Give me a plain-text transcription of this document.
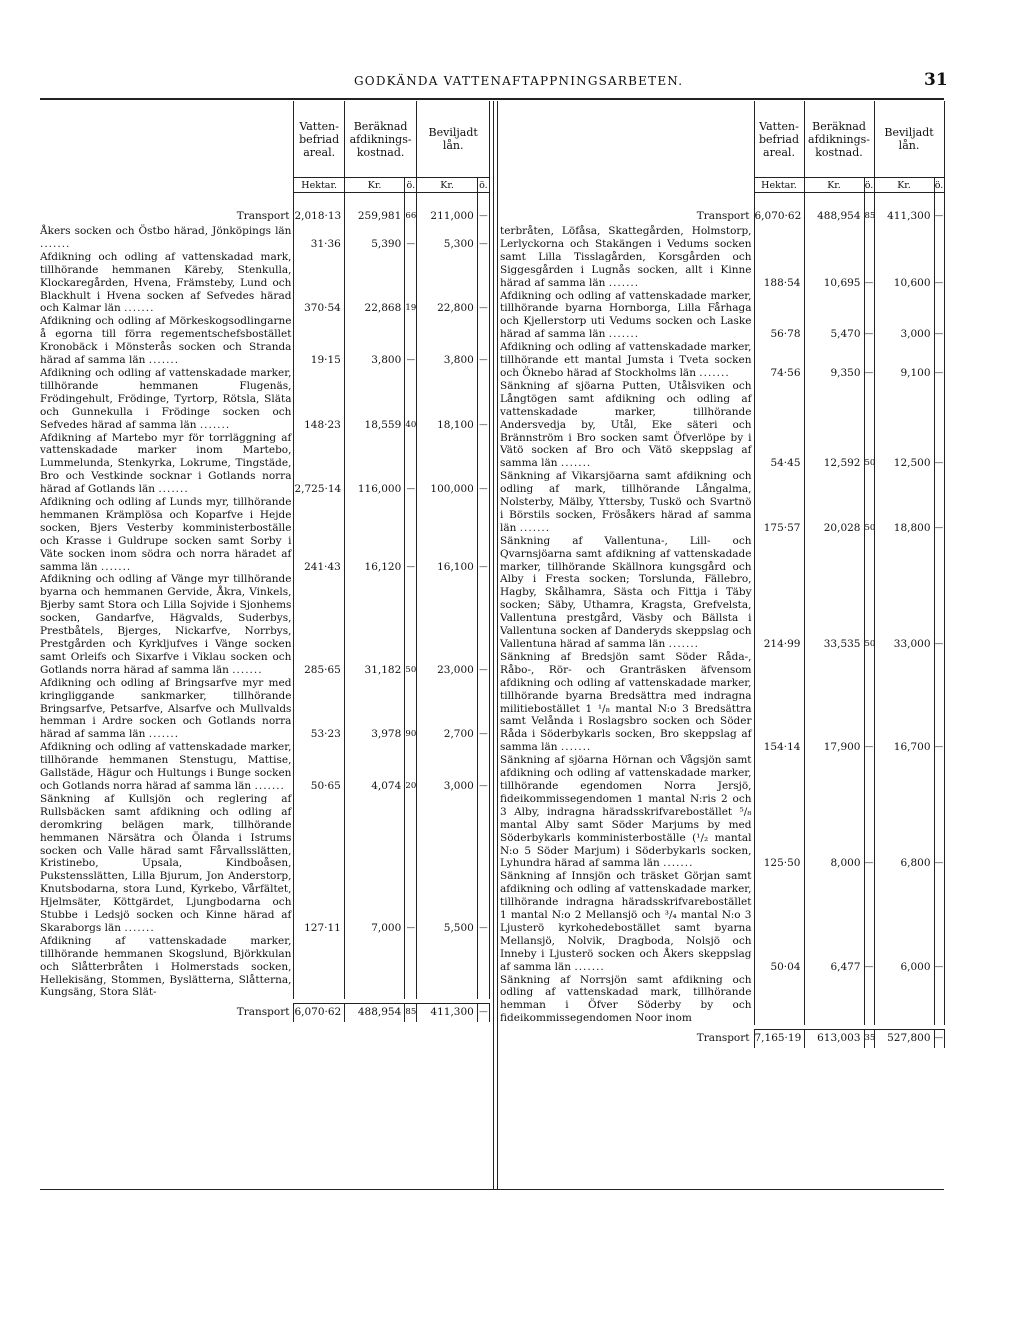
GODKÄNDA VATTENAFTAPPNINGSARBETEN.	31
	Vatten- befriad areal.	Beräknad afdiknings- kostnad.		Beviljadt lån.	
	Hektar.	Kr.	ö.	Kr.	ö.

Transport	2,018·13	259,981	66	211,000	—
Åkers socken och Östbo härad, Jönköpings län .......	31·36	5,390	—	5,300	—
Afdikning och odling af vattenskadad mark, tillhörande hemmanen Käreby, Stenkulla, Klockaregården, Hvena, Främsteby, Lund och Blackhult i Hvena socken af Sefvedes härad och Kalmar län .......	370·54	22,868	19	22,800	—
Afdikning och odling af Mörkeskogsodlingarne å egorna till förra regementschefsbostället Kronobäck i Mönsterås socken och Stranda härad af samma län .......	19·15	3,800	—	3,800	—
Afdikning och odling af vattenskadade marker, tillhörande hemmanen Flugenäs, Frödingehult, Frödinge, Tyrtorp, Rötsla, Släta och Gunnekulla i Frödinge socken och Sefvedes härad af samma län .......	148·23	18,559	40	18,100	—
Afdikning af Martebo myr för torrläggning af vattenskadade marker inom Martebo, Lummelunda, Stenkyrka, Lokrume, Tingstäde, Bro och Vestkinde socknar i Gotlands norra härad af Gotlands län .......	2,725·14	116,000	—	100,000	—
Afdikning och odling af Lunds myr, tillhörande hemmanen Krämplösa och Koparfve i Hejde socken, Bjers Vesterby komministerboställe och Krasse i Guldrupe socken samt Sorby i Väte socken inom södra och norra häradet af samma län .......	241·43	16,120	—	16,100	—
Afdikning och odling af Vänge myr tillhörande byarna och hemmanen Gervide, Åkra, Vinkels, Bjerby samt Stora och Lilla Sojvide i Sjonhems socken, Gandarfve, Hägvalds, Suderbys, Prestbåtels, Bjerges, Nickarfve, Norrbys, Prestgården och Kyrkljufves i Vänge socken samt Orleifs och Sixarfve i Viklau socken och Gotlands norra härad af samma län .......	285·65	31,182	50	23,000	—
Afdikning och odling af Bringsarfve myr med kringliggande sankmarker, tillhörande Bringsarfve, Petsarfve, Alsarfve och Mullvalds hemman i Ardre socken och Gotlands norra härad af samma län .......	53·23	3,978	90	2,700	—
Afdikning och odling af vattenskadade marker, tillhörande hemmanen Stenstugu, Mattise, Gallstäde, Hägur och Hultungs i Bunge socken och Gotlands norra härad af samma län .......	50·65	4,074	20	3,000	—
Sänkning af Kullsjön och reglering af Rullsbäcken samt afdikning och odling af deromkring belägen mark, tillhörande hemmanen Närsätra och Ölanda i Istrums socken och Valle härad samt Fårvallsslätten, Kristinebo, Upsala, Kindboåsen, Pukstensslätten, Lilla Bjurum, Jon Anderstorp, Knutsbodarna, stora Lund, Kyrkebo, Vårfältet, Hjelmsäter, Köttgärdet, Ljungbodarna och Stubbe i Ledsjö socken och Kinne härad af Skaraborgs län .......	127·11	7,000	—	5,500	—
Afdikning af vattenskadade marker, tillhörande hemmanen Skogslund, Björkkulan och Slåtterbråten i Holmerstads socken, Hellekisäng, Stommen, Byslätterna, Slåtterna, Kungsäng, Stora Slät-					

Transport	6,070·62	488,954	85	411,300	—
	Vatten- befriad areal.	Beräknad afdiknings- kostnad.		Beviljadt lån.	
	Hektar.	Kr.	ö.	Kr.	ö.

Transport	6,070·62	488,954	85	411,300	—
terbråten, Löfåsa, Skattegården, Holmstorp, Lerlyckorna och Stakängen i Vedums socken samt Lilla Tisslagården, Korsgården och Siggesgården i Lugnås socken, allt i Kinne härad af samma län .......	188·54	10,695	—	10,600	—
Afdikning och odling af vattenskadade marker, tillhörande byarna Hornborga, Lilla Fårhaga och Kjellerstorp uti Vedums socken och Laske härad af samma län .......	56·78	5,470	—	3,000	—
Afdikning och odling af vattenskadade marker, tillhörande ett mantal Jumsta i Tveta socken och Öknebo härad af Stockholms län .......	74·56	9,350	—	9,100	—
Sänkning af sjöarna Putten, Utålsviken och Långtögen samt afdikning och odling af vattenskadade marker, tillhörande Andersvedja by, Utål, Eke säteri och Brännström i Bro socken samt Öfverlöpe by i Vätö socken af Bro och Vätö skeppslag af samma län .......	54·45	12,592	50	12,500	—
Sänkning af Vikarsjöarna samt afdikning och odling af mark, tillhörande Långalma, Nolsterby, Mälby, Yttersby, Tuskö och Svartnö i Börstils socken, Frösåkers härad af samma län .......	175·57	20,028	50	18,800	—
Sänkning af Vallentuna-, Lill- och Qvarnsjöarna samt afdikning af vattenskadade marker, tillhörande Skällnora kungsgård och Alby i Fresta socken; Torslunda, Fällebro, Hagby, Skålhamra, Sästa och Fittja i Täby socken; Säby, Uthamra, Kragsta, Grefvelsta, Vallentuna prestgård, Väsby och Bällsta i Vallentuna socken af Danderyds skeppslag och Vallentuna härad af samma län .......	214·99	33,535	50	33,000	—
Sänkning af Bredsjön samt Söder Råda-, Råbo-, Rör- och Granträsken äfvensom afdikning och odling af vattenskadade marker, tillhörande byarna Bredsättra med indragna militiebostället 1 ¹/₈ mantal N:o 3 Bredsättra samt Velånda i Roslagsbro socken och Söder Råda i Söderbykarls socken, Bro skeppslag af samma län .......	154·14	17,900	—	16,700	—
Sänkning af sjöarna Hörnan och Vågsjön samt afdikning och odling af vattenskadade marker, tillhörande egendomen Norra Jersjö, fideikommissegendomen 1 mantal N:ris 2 och 3 Alby, indragna häradsskrifvarebostället ⁵/₈ mantal Alby samt Söder Marjums by med Söderbykarls komministerboställe (¹/₂ mantal N:o 5 Söder Marjum) i Söderbykarls socken, Lyhundra härad af samma län .......	125·50	8,000	—	6,800	—
Sänkning af Innsjön och träsket Görjan samt afdikning och odling af vattenskadade marker, tillhörande indragna häradsskrifvarebostället 1 mantal N:o 2 Mellansjö och ³/₄ mantal N:o 3 Ljusterö kyrkohedebostället samt byarna Mellansjö, Nolvik, Dragboda, Nolsjö och Inneby i Ljusterö socken och Åkers skeppslag af samma län .......	50·04	6,477	—	6,000	—
Sänkning af Norrsjön samt afdikning och odling af vattenskadad mark, tillhörande hemman i Öfver Söderby by och fideikommissegendomen Noor inom					

Transport	7,165·19	613,003	35	527,800	—
